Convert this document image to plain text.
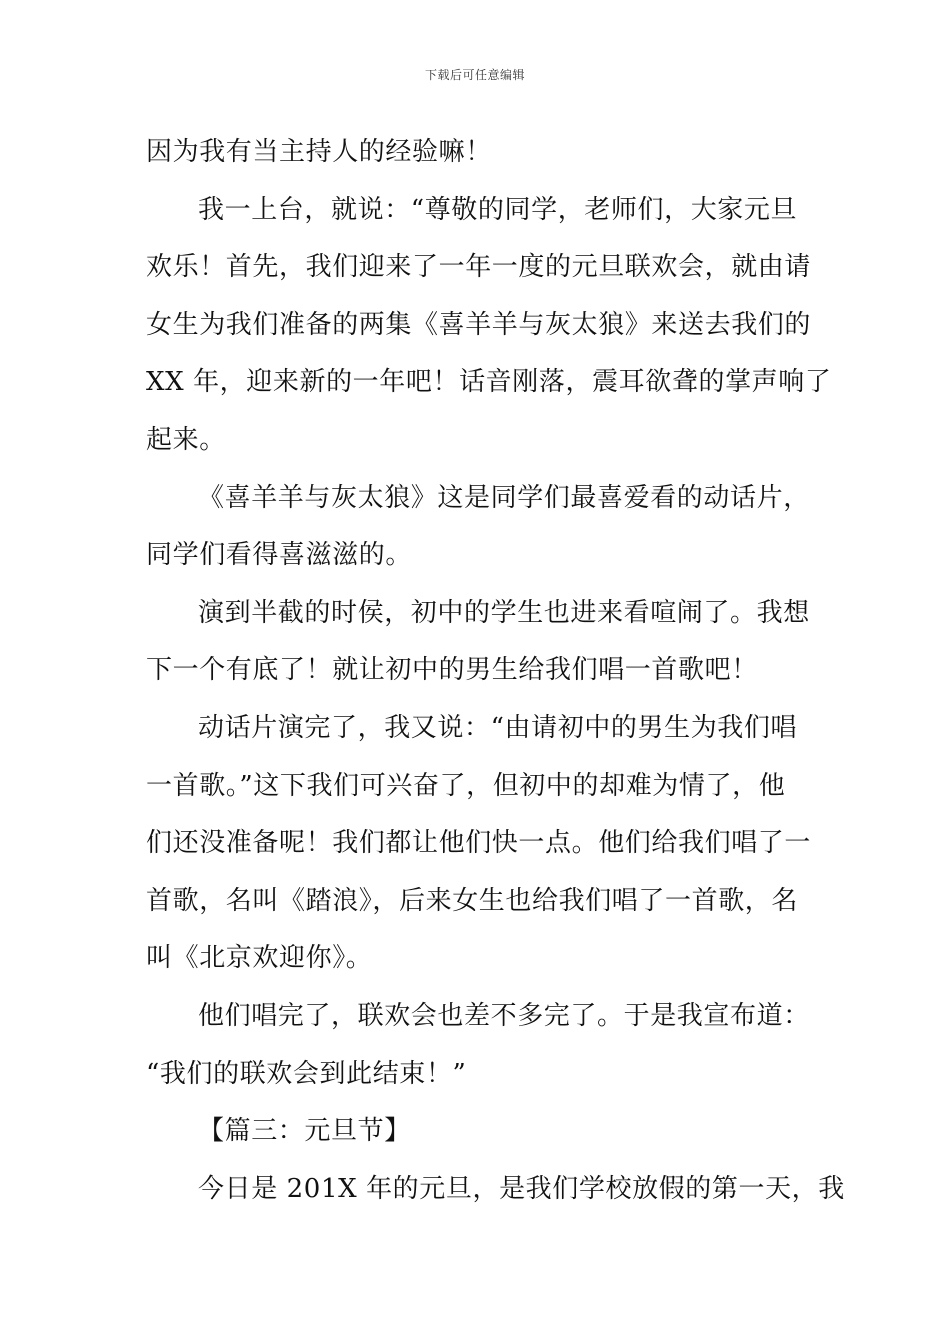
下载后可任意编辑
因为我有当主持人的经验嘛！
我一上台，就说：“尊敬的同学，老师们，大家元旦
欢乐！首先，我们迎来了一年一度的元旦联欢会，就由请
女生为我们准备的两集《喜羊羊与灰太狼》来送去我们的
XX 年，迎来新的一年吧！话音刚落，震耳欲聋的掌声响了
起来。
《喜羊羊与灰太狼》这是同学们最喜爱看的动话片，
同学们看得喜滋滋的。
演到半截的时侯，初中的学生也进来看喧闹了。我想
下一个有底了！就让初中的男生给我们唱一首歌吧！
动话片演完了，我又说：“由请初中的男生为我们唱
一首歌。”这下我们可兴奋了，但初中的却难为情了，他
们还没准备呢！我们都让他们快一点。他们给我们唱了一
首歌，名叫《踏浪》，后来女生也给我们唱了一首歌，名
叫《北京欢迎你》。
他们唱完了，联欢会也差不多完了。于是我宣布道：
“我们的联欢会到此结束！”
【篇三：元旦节】
今日是 201X 年的元旦，是我们学校放假的第一天，我
